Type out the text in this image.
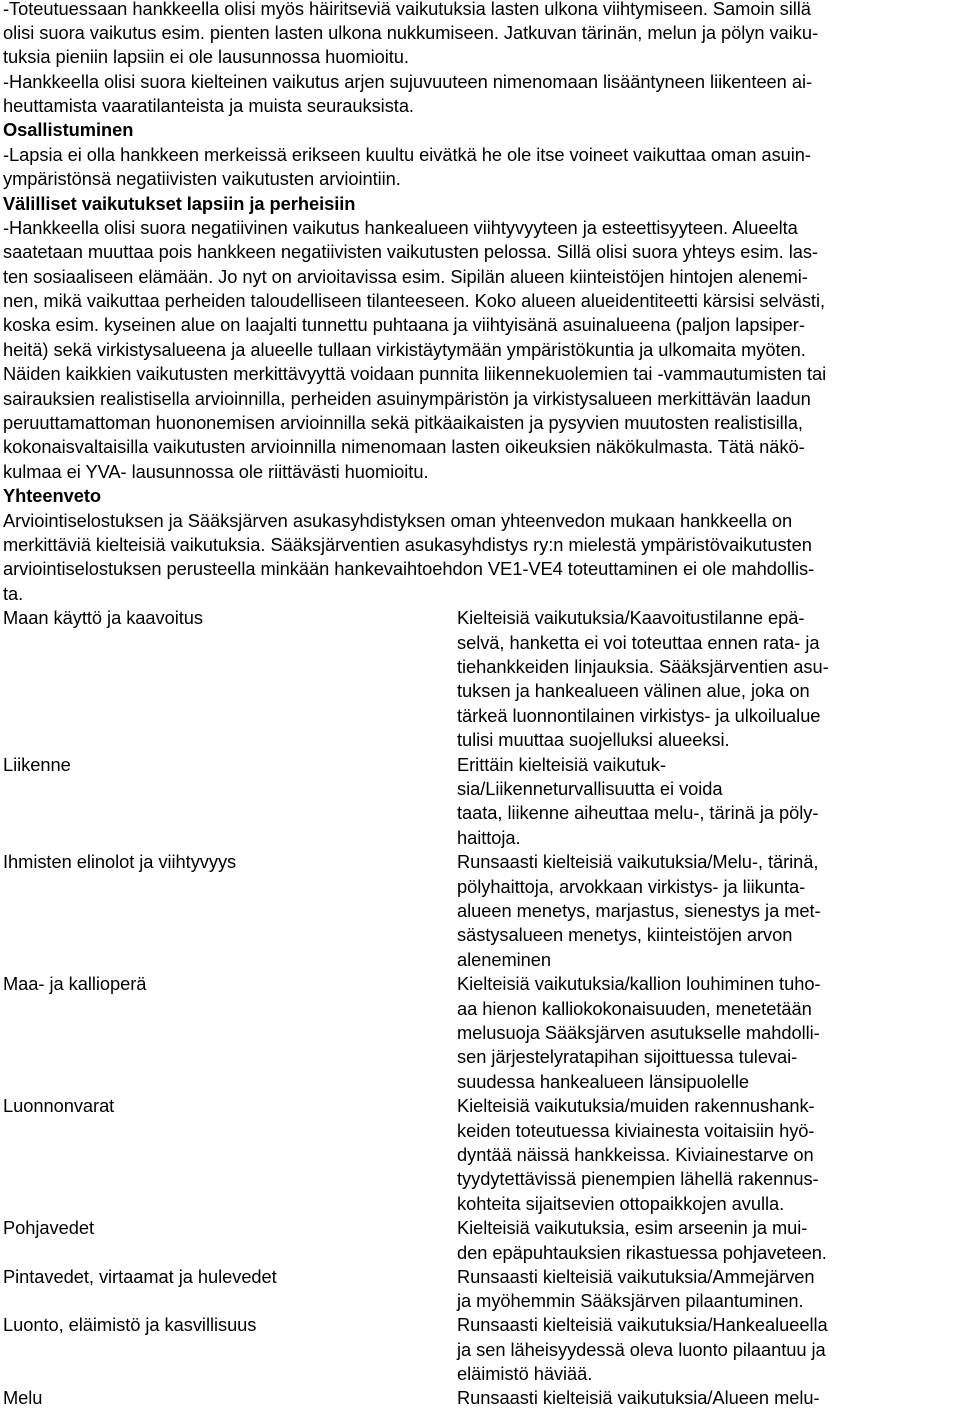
-Toteutuessaan hankkeella olisi myös häiritseviä vaikutuksia lasten ulkona viihtymiseen. Samoin sillä
olisi suora vaikutus esim. pienten lasten ulkona nukkumiseen. Jatkuvan tärinän, melun ja pölyn vaiku-
tuksia pieniin lapsiin ei ole lausunnossa huomioitu.
-Hankkeella olisi suora kielteinen vaikutus arjen sujuvuuteen nimenomaan lisääntyneen liikenteen ai-
heuttamista vaaratilanteista ja muista seurauksista.
Osallistuminen
-Lapsia ei olla hankkeen merkeissä erikseen kuultu eivätkä he ole itse voineet vaikuttaa oman asuin-
ympäristönsä negatiivisten vaikutusten arviointiin.
Välilliset vaikutukset lapsiin ja perheisiin
-Hankkeella olisi suora negatiivinen vaikutus hankealueen viihtyvyyteen ja esteettisyyteen. Alueelta
saatetaan muuttaa pois hankkeen negatiivisten vaikutusten pelossa. Sillä olisi suora yhteys esim. las-
ten sosiaaliseen elämään. Jo nyt on arvioitavissa esim. Sipilän alueen kiinteistöjen hintojen alenemi-
nen, mikä vaikuttaa perheiden taloudelliseen tilanteeseen. Koko alueen alueidentiteetti kärsisi selvästi,
koska esim. kyseinen alue on laajalti tunnettu puhtaana ja viihtyisänä asuinalueena (paljon lapsiper-
heitä) sekä virkistysalueena ja alueelle tullaan virkistäytymään ympäristökuntia ja ulkomaita myöten.
Näiden kaikkien vaikutusten merkittävyyttä voidaan punnita liikennekuolemien tai -vammautumisten tai
sairauksien realistisella arvioinnilla, perheiden asuinympäristön ja virkistysalueen merkittävän laadun
peruuttamattoman huononemisen arvioinnilla sekä pitkäaikaisten ja pysyvien muutosten realistisilla,
kokonaisvaltaisilla vaikutusten arvioinnilla nimenomaan lasten oikeuksien näkökulmasta. Tätä näkö-
kulmaa ei YVA- lausunnossa ole riittävästi huomioitu.
Yhteenveto
Arviointiselostuksen ja Sääksjärven asukasyhdistyksen oman yhteenvedon mukaan hankkeella on
merkittäviä kielteisiä vaikutuksia. Sääksjärventien asukasyhdistys ry:n mielestä ympäristövaikutusten
arviointiselostuksen perusteella minkään hankevaihtoehdon VE1-VE4 toteuttaminen ei ole mahdollis-
ta.
Maan käyttö ja kaavoitus	Kielteisiä vaikutuksia/Kaavoitustilanne epä-
selvä, hanketta ei voi toteuttaa ennen rata- ja
tiehankkeiden linjauksia. Sääksjärventien asu-
tuksen ja hankealueen välinen alue, joka on
tärkeä luonnontilainen virkistys- ja ulkoilualue
tulisi muuttaa suojelluksi alueeksi.
Liikenne	Erittäin kielteisiä vaikutuk-
sia/Liikenneturvallisuutta ei voida
taata, liikenne aiheuttaa melu-, tärinä ja pöly-
haittoja.
Ihmisten elinolot ja viihtyvyys	Runsaasti kielteisiä vaikutuksia/Melu-, tärinä,
pölyhaittoja, arvokkaan virkistys- ja liikunta-
alueen menetys, marjastus, sienestys ja met-
sästysalueen menetys, kiinteistöjen arvon
aleneminen
Maa- ja kallioperä	Kielteisiä vaikutuksia/kallion louhiminen tuho-
aa hienon kalliokokonaisuuden, menetetään
melusuoja Sääksjärven asutukselle mahdolli-
sen järjestelyratapihan sijoittuessa tulevai-
suudessa hankealueen länsipuolelle
Luonnonvarat	Kielteisiä vaikutuksia/muiden rakennushank-
keiden toteutuessa kiviainesta voitaisiin hyö-
dyntää näissä hankkeissa. Kiviainestarve on
tyydytettävissä pienempien lähellä rakennus-
kohteita sijaitsevien ottopaikkojen avulla.
Pohjavedet	Kielteisiä vaikutuksia, esim arseenin ja mui-
den epäpuhtauksien rikastuessa pohjaveteen.
Pintavedet, virtaamat ja hulevedet	Runsaasti kielteisiä vaikutuksia/Ammejärven
ja myöhemmin Sääksjärven pilaantuminen.
Luonto, eläimistö ja kasvillisuus	Runsaasti kielteisiä vaikutuksia/Hankealueella
ja sen läheisyydessä oleva luonto pilaantuu ja
eläimistö häviää.
Melu	Runsaasti kielteisiä vaikutuksia/Alueen melu-
